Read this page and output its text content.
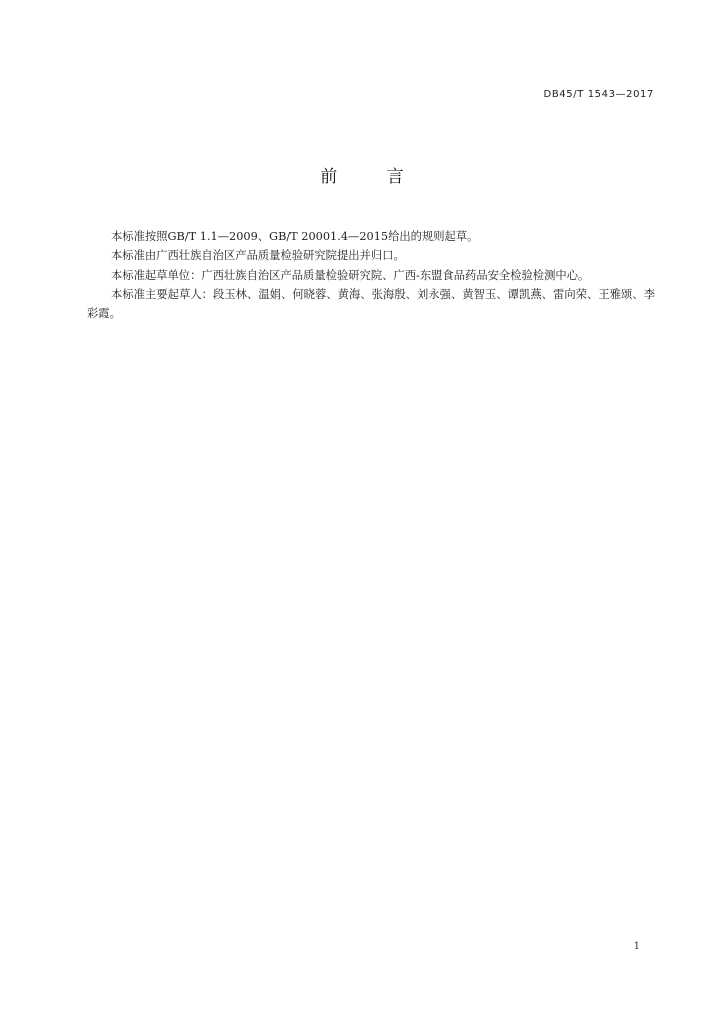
DB45/T 1543—2017
前 言

本标准按照GB/T 1.1—2009、GB/T 20001.4—2015给出的规则起草。

本标准由广西壮族自治区产品质量检验研究院提出并归口。

本标准起草单位：广西壮族自治区产品质量检验研究院、广西-东盟食品药品安全检验检测中心。

本标准主要起草人：段玉林、温娟、何晓蓉、黄海、张海殷、刘永强、黄智玉、谭凯燕、雷向荣、王雅颂、李彩霞。

1
